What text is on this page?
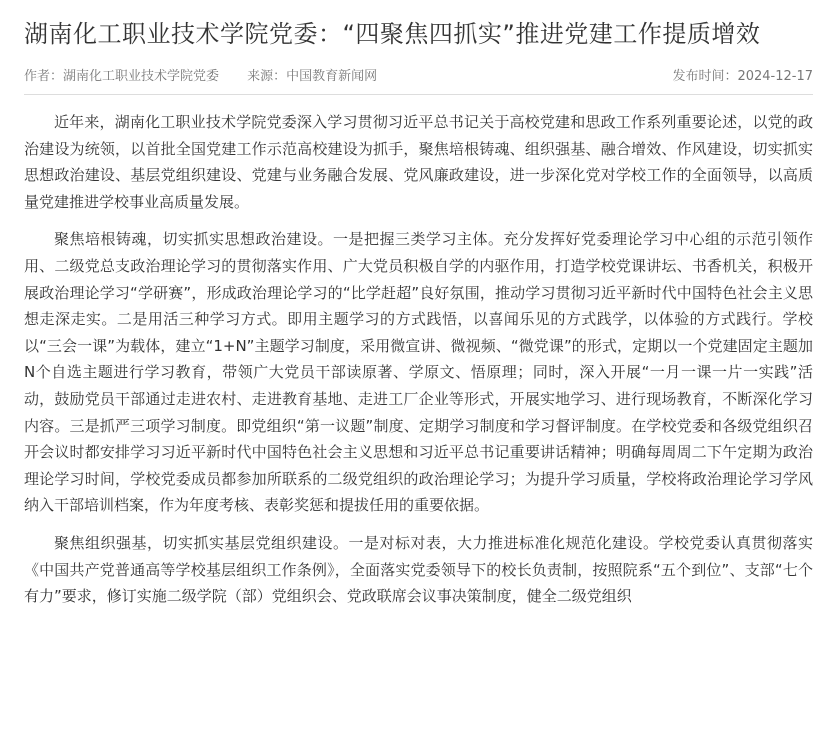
湖南化工职业技术学院党委：“四聚焦四抓实”推进党建工作提质增效
作者：湖南化工职业技术学院党委 来源：中国教育新闻网	发布时间：2024-12-17

近年来，湖南化工职业技术学院党委深入学习贯彻习近平总书记关于高校党建和思政工作系列重要论述，以党的政治建设为统领，以首批全国党建工作示范高校建设为抓手，聚焦培根铸魂、组织强基、融合增效、作风建设，切实抓实思想政治建设、基层党组织建设、党建与业务融合发展、党风廉政建设，进一步深化党对学校工作的全面领导，以高质量党建推进学校事业高质量发展。

聚焦培根铸魂，切实抓实思想政治建设。一是把握三类学习主体。充分发挥好党委理论学习中心组的示范引领作用、二级党总支政治理论学习的贯彻落实作用、广大党员积极自学的内驱作用，打造学校党课讲坛、书香机关，积极开展政治理论学习“学研赛”，形成政治理论学习的“比学赶超”良好氛围，推动学习贯彻习近平新时代中国特色社会主义思想走深走实。二是用活三种学习方式。即用主题学习的方式践悟，以喜闻乐见的方式践学，以体验的方式践行。学校以“三会一课”为载体，建立“1+N”主题学习制度，采用微宣讲、微视频、“微党课”的形式，定期以一个党建固定主题加N个自选主题进行学习教育，带领广大党员干部读原著、学原文、悟原理；同时，深入开展“一月一课一片一实践”活动，鼓励党员干部通过走进农村、走进教育基地、走进工厂企业等形式，开展实地学习、进行现场教育，不断深化学习内容。三是抓严三项学习制度。即党组织“第一议题”制度、定期学习制度和学习督评制度。在学校党委和各级党组织召开会议时都安排学习习近平新时代中国特色社会主义思想和习近平总书记重要讲话精神；明确每周周二下午定期为政治理论学习时间，学校党委成员都参加所联系的二级党组织的政治理论学习；为提升学习质量，学校将政治理论学习学风纳入干部培训档案，作为年度考核、表彰奖惩和提拔任用的重要依据。

聚焦组织强基，切实抓实基层党组织建设。一是对标对表，大力推进标准化规范化建设。学校党委认真贯彻落实《中国共产党普通高等学校基层组织工作条例》，全面落实党委领导下的校长负责制，按照院系“五个到位”、支部“七个有力”要求，修订实施二级学院（部）党组织会、党政联席会议事决策制度，健全二级党组织
